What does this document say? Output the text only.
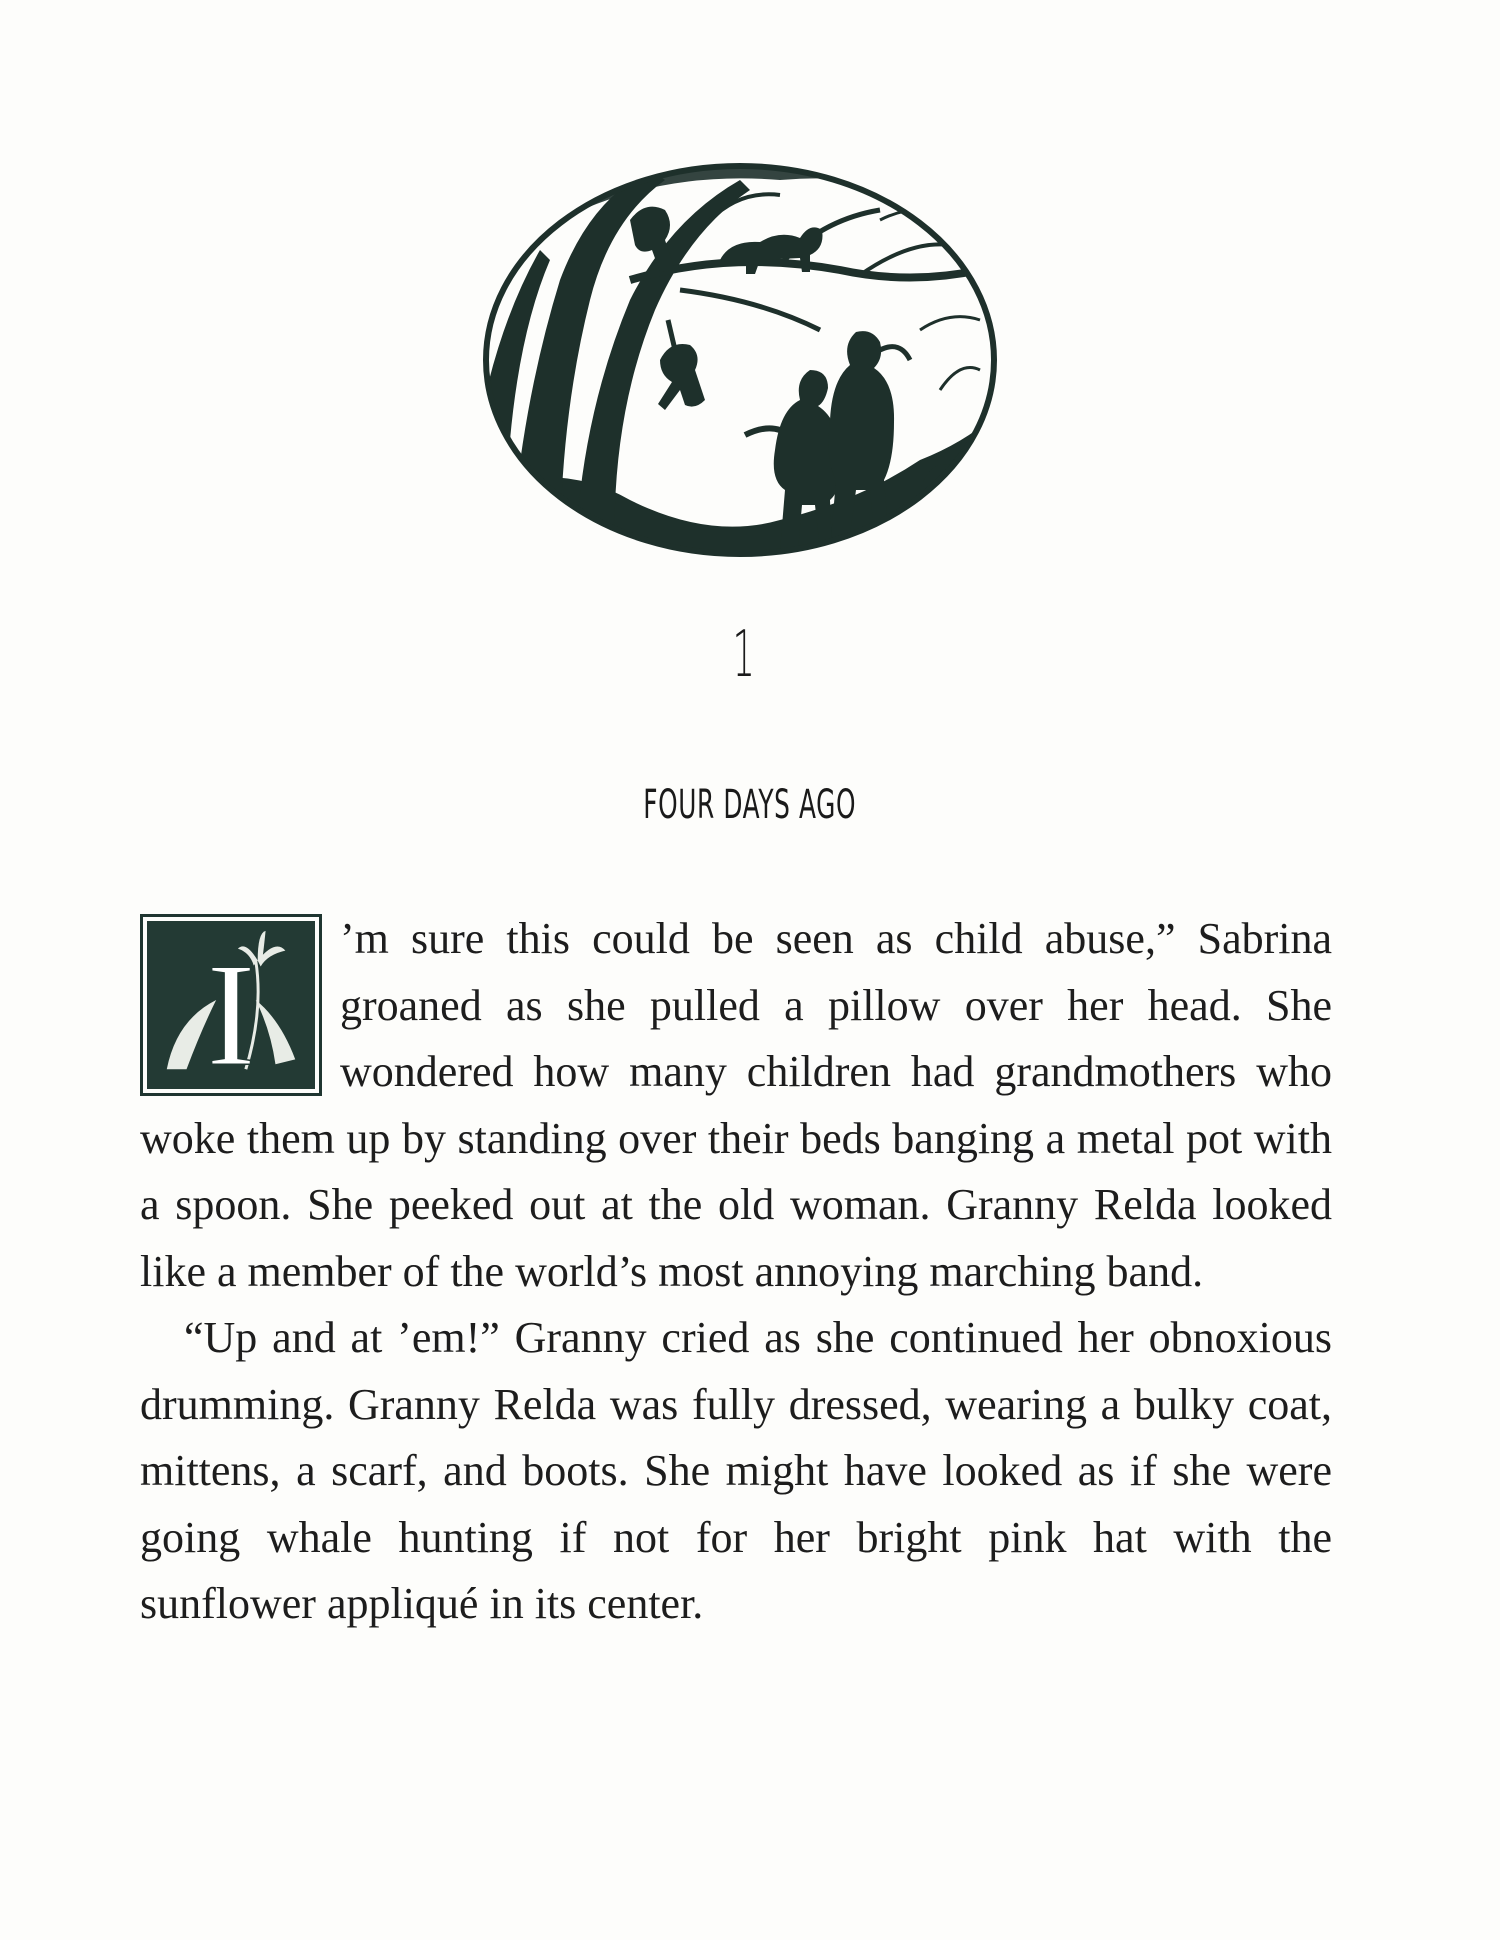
1
FOUR DAYS AGO

I ’m sure this could be seen as child abuse,” Sabrina groaned as she pulled a pillow over her head. She wondered how many children had grandmothers who woke them up by standing over their beds banging a metal pot with a spoon. She peeked out at the old woman. Granny Relda looked like a member of the world’s most annoying marching band.

“Up and at ’em!” Granny cried as she continued her obnoxious drumming. Granny Relda was fully dressed, wearing a bulky coat, mittens, a scarf, and boots. She might have looked as if she were going whale hunting if not for her bright pink hat with the sunflower appliqué in its center.
